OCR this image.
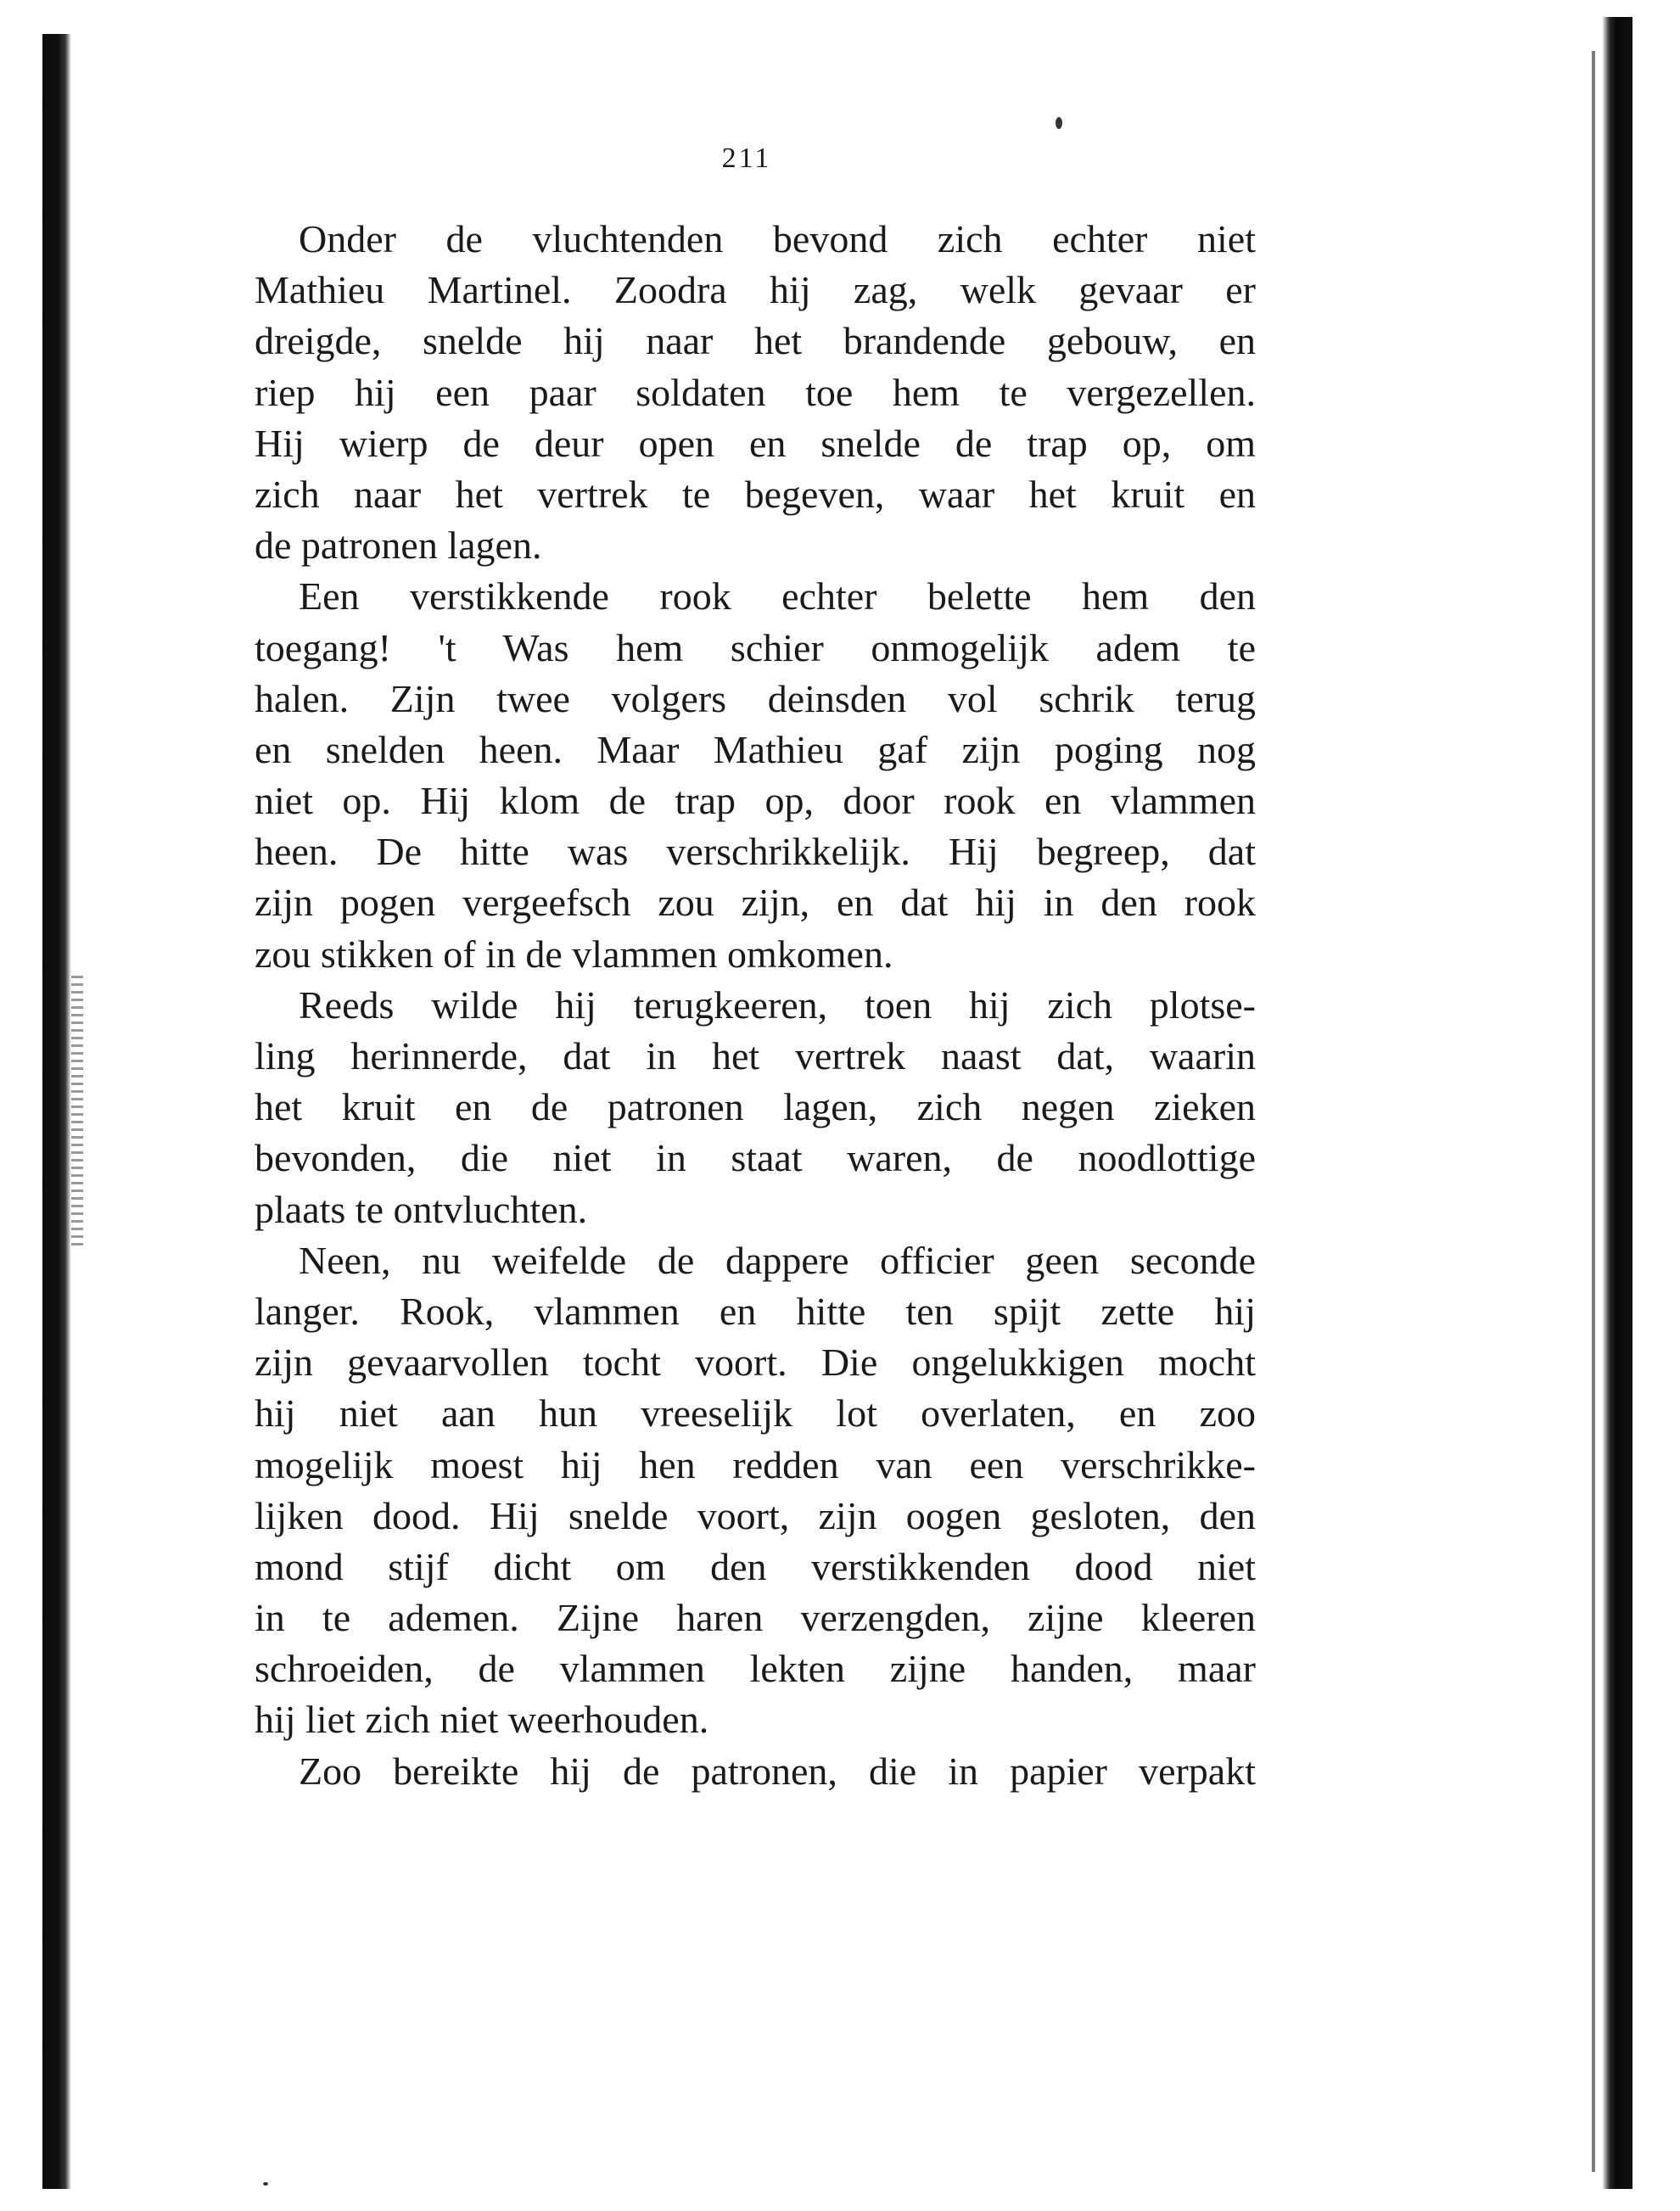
211
Onder de vluchtenden bevond zich echter niet
Mathieu Martinel. Zoodra hij zag, welk gevaar er
dreigde, snelde hij naar het brandende gebouw, en
riep hij een paar soldaten toe hem te vergezellen.
Hij wierp de deur open en snelde de trap op, om
zich naar het vertrek te begeven, waar het kruit en
de patronen lagen.
Een verstikkende rook echter belette hem den
toegang! 't Was hem schier onmogelijk adem te
halen. Zijn twee volgers deinsden vol schrik terug
en snelden heen. Maar Mathieu gaf zijn poging nog
niet op. Hij klom de trap op, door rook en vlammen
heen. De hitte was verschrikkelijk. Hij begreep, dat
zijn pogen vergeefsch zou zijn, en dat hij in den rook
zou stikken of in de vlammen omkomen.
Reeds wilde hij terugkeeren, toen hij zich plotse-
ling herinnerde, dat in het vertrek naast dat, waarin
het kruit en de patronen lagen, zich negen zieken
bevonden, die niet in staat waren, de noodlottige
plaats te ontvluchten.
Neen, nu weifelde de dappere officier geen seconde
langer. Rook, vlammen en hitte ten spijt zette hij
zijn gevaarvollen tocht voort. Die ongelukkigen mocht
hij niet aan hun vreeselijk lot overlaten, en zoo
mogelijk moest hij hen redden van een verschrikke-
lijken dood. Hij snelde voort, zijn oogen gesloten, den
mond stijf dicht om den verstikkenden dood niet
in te ademen. Zijne haren verzengden, zijne kleeren
schroeiden, de vlammen lekten zijne handen, maar
hij liet zich niet weerhouden.
Zoo bereikte hij de patronen, die in papier verpakt
